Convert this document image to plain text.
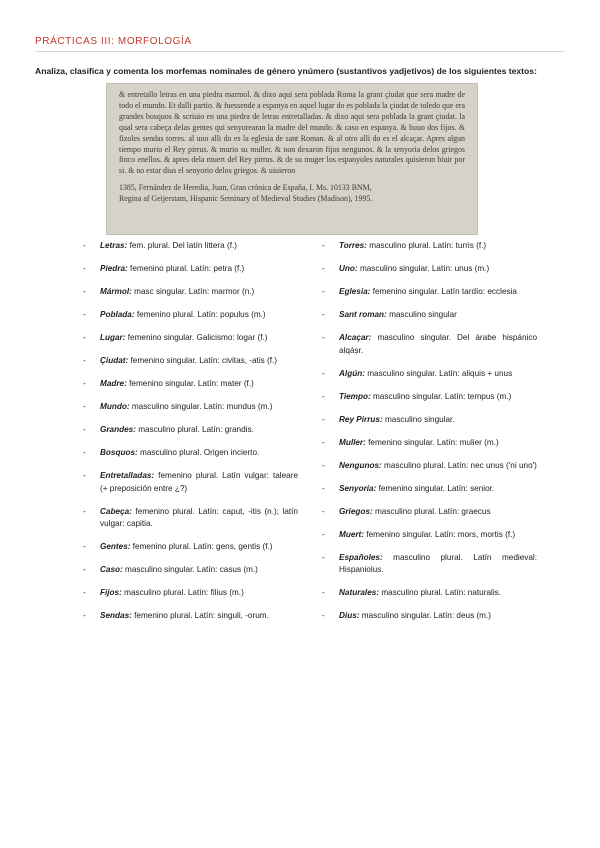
PRÁCTICAS III: MORFOLOGÍA
Analiza, clasifica y comenta los morfemas nominales de género ynúmero (sustantivos yadjetivos) de los siguientes textos:
& entretallo letras en una piedra marmol. & dixo aqui sera poblada Roma la grant çiudat que sera madre de todo el mundo. Et dalli partio. & fuessende a espanya en aquel lugar do es poblada la çiudat de toledo que era grandes bosquos & scriuio en una piedra de letras entretalladas. & dixo aqui sera poblada la grant çiudat. la qual sera cabeça delas gentes qui senyorearan la madre del mundo. & caso en espanya. & huuo dos fijos. & fizoles sendas torres. al uno alli do es la eglesia de sant Roman. & al otro alli do es el alcaçar. Apres algun tiempo murio el Rey pirrus. & murio su muller. & non dexaron fijos nengunos. & la senyoria delos griegos finco enellos. & apres dela muert del Rey pirrus. & de su muger los espanyoles naturales quisieron biuir por si. & no estar dius el senyorio delos griegos. & uiuieron
1385, Fernández de Heredia, Juan, Gran crónica de España, I. Ms. 10133 BNM,
Regina af Geijerstam, Hispanic Seminary of Medieval Studies (Madison), 1995.
- Letras: fem. plural. Del latín littera (f.)
- Piedra: femenino plural. Latín: petra (f.)
- Mármol: masc singular. Latín: marmor (n.)
- Poblada: femenino plural. Latín: populus (m.)
- Lugar: femenino singular. Galicismo: logar (f.)
- Çiudat: femenino singular. Latín: civitas, -atis (f.)
- Madre: femenino singular. Latín: mater (f.)
- Mundo: masculino singular. Latín: mundus (m.)
- Grandes: masculino plural. Latín: grandis.
- Bosquos: masculino plural. Origen incierto.
- Entretalladas: femenino plural. Latín vulgar: taleare (+ preposición entre ¿?)
- Cabeça: femenino plural. Latín: caput, -itis (n.); latín vulgar: capitia.
- Gentes: femenino plural. Latín: gens, gentis (f.)
- Caso: masculino singular. Latín: casus (m.)
- Fijos: masculino plural. Latín: filius (m.)
- Sendas: femenino plural. Latín: singuli, -orum.
- Torres: masculino plural. Latín: turris (f.)
- Uno: masculino singular. Latín: unus (m.)
- Eglesia: femenino singular. Latín tardío: ecclesia
- Sant roman: masculino singular
- Alcaçar: masculino singular. Del árabe hispánico alqáṣr.
- Algún: masculino singular. Latín: aliquis + unus
- Tiempo: masculino singular. Latín: tempus (m.)
- Rey Pirrus: masculino singular.
- Muller: femenino singular. Latín: mulier (m.)
- Nengunos: masculino plural. Latín: nec unus ('ni uno')
- Senyoria: femenino singular. Latín: senior.
- Griegos: masculino plural. Latín: graecus
- Muert: femenino singular. Latín: mors, mortis (f.)
- Españoles: masculino plural. Latín medieval: Hispaniolus.
- Naturales: masculino plural. Latín: naturalis.
- Dius: masculino singular. Latín: deus (m.)
